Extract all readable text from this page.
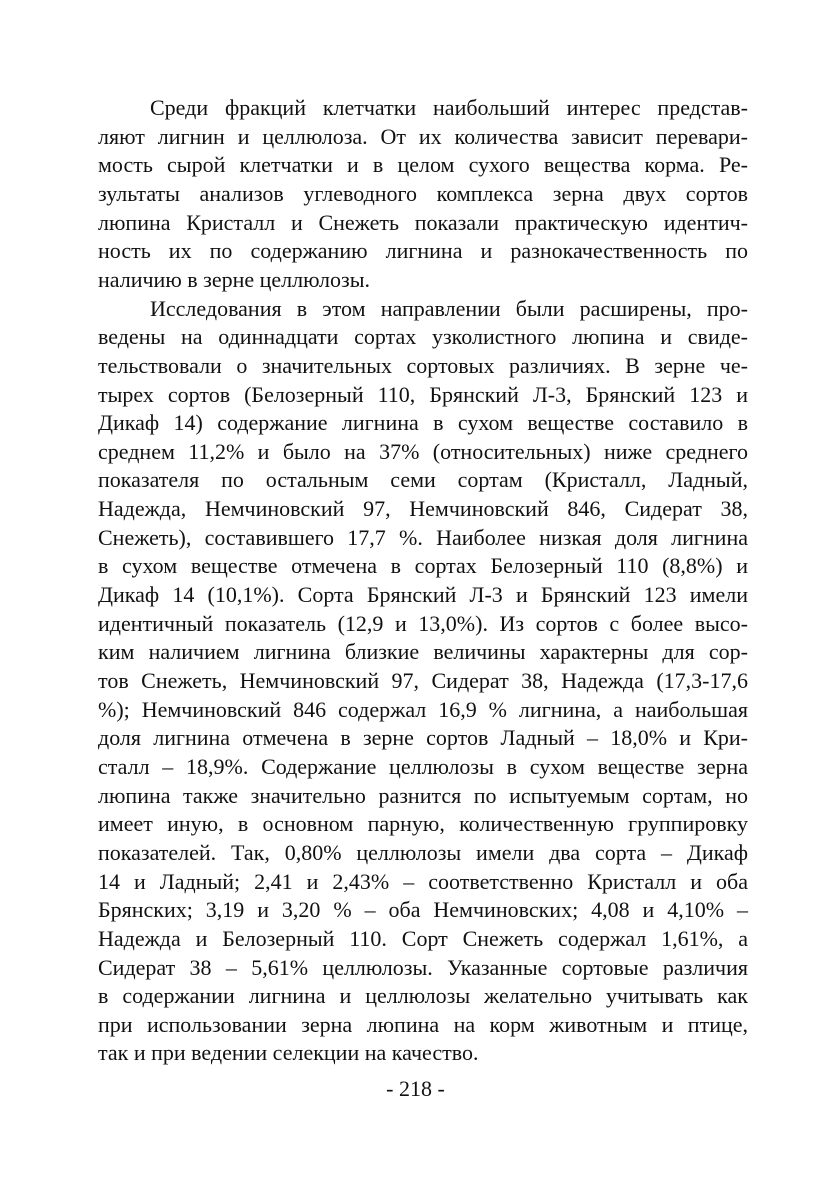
Среди фракций клетчатки наибольший интерес представ-

ляют лигнин и целлюлоза. От их количества зависит перевари-

мость сырой клетчатки и в целом сухого вещества корма. Ре-

зультаты анализов углеводного комплекса зерна двух сортов

люпина Кристалл и Снежеть показали практическую идентич-

ность их по содержанию лигнина и разнокачественность по

наличию в зерне целлюлозы.

Исследования в этом направлении были расширены, про-

ведены на одиннадцати сортах узколистного люпина и свиде-

тельствовали о значительных сортовых различиях. В зерне че-

тырех сортов (Белозерный 110, Брянский Л-3, Брянский 123 и

Дикаф 14) содержание лигнина в сухом веществе составило в

среднем 11,2% и было на 37% (относительных) ниже среднего

показателя по остальным семи сортам (Кристалл, Ладный,

Надежда, Немчиновский 97, Немчиновский 846, Сидерат 38,

Снежеть), составившего 17,7 %. Наиболее низкая доля лигнина

в сухом веществе отмечена в сортах Белозерный 110 (8,8%) и

Дикаф 14 (10,1%). Сорта Брянский Л-3 и Брянский 123 имели

идентичный показатель (12,9 и 13,0%). Из сортов с более высо-

ким наличием лигнина близкие величины характерны для сор-

тов Снежеть, Немчиновский 97, Сидерат 38, Надежда (17,3-17,6

%); Немчиновский 846 содержал 16,9 % лигнина, а наибольшая

доля лигнина отмечена в зерне сортов Ладный – 18,0% и Кри-

сталл – 18,9%. Содержание целлюлозы в сухом веществе зерна

люпина также значительно разнится по испытуемым сортам, но

имеет иную, в основном парную, количественную группировку

показателей. Так, 0,80% целлюлозы имели два сорта – Дикаф

14 и Ладный; 2,41 и 2,43% – соответственно Кристалл и оба

Брянских; 3,19 и 3,20 % – оба Немчиновских; 4,08 и 4,10% –

Надежда и Белозерный 110. Сорт Снежеть содержал 1,61%, а

Сидерат 38 – 5,61% целлюлозы. Указанные сортовые различия

в содержании лигнина и целлюлозы желательно учитывать как

при использовании зерна люпина на корм животным и птице,

так и при ведении селекции на качество.

- 218 -
